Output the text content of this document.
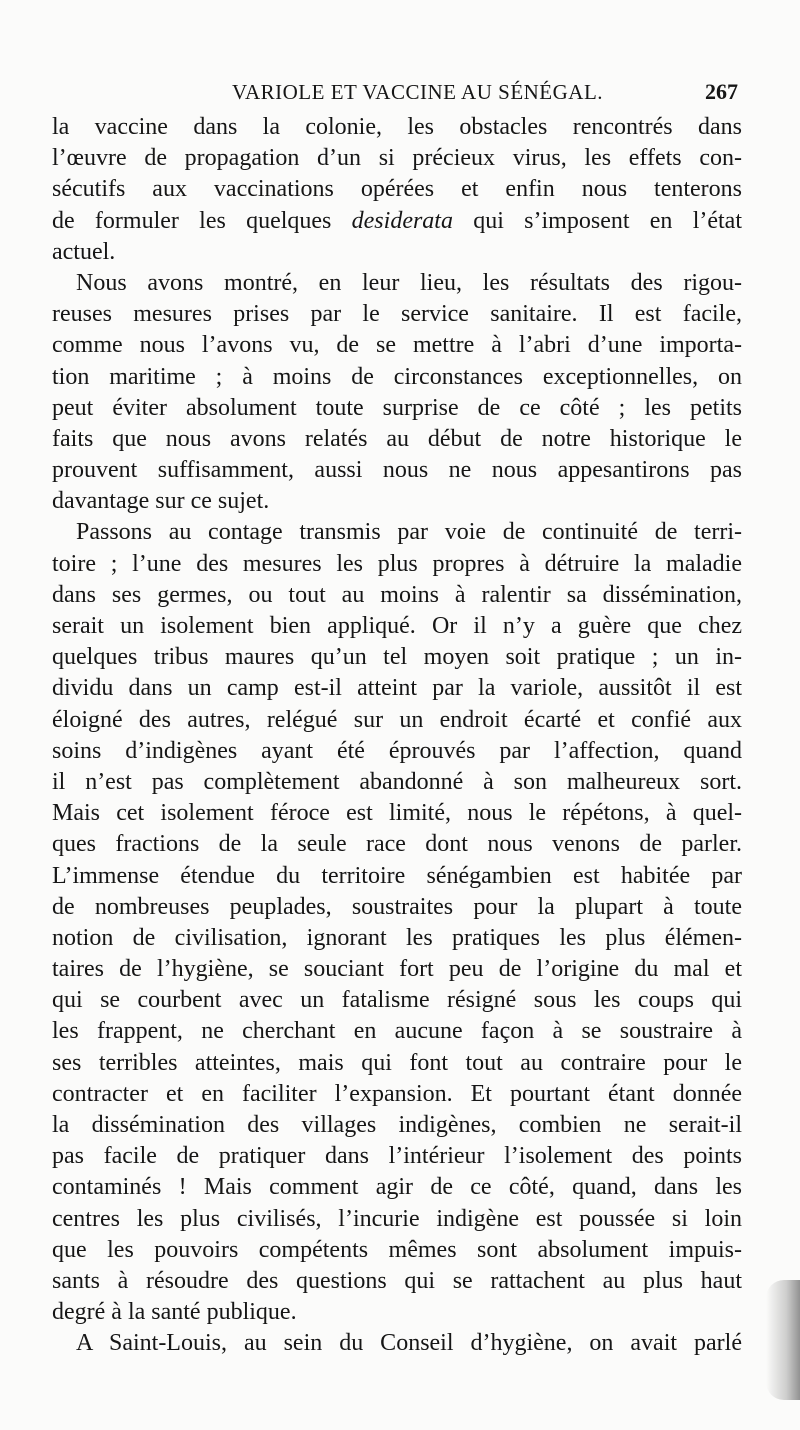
VARIOLE ET VACCINE AU SÉNÉGAL.	267
la vaccine dans la colonie, les obstacles rencontrés dans
l’œuvre de propagation d’un si précieux virus, les effets con-
sécutifs aux vaccinations opérées et enfin nous tenterons
de formuler les quelques desiderata qui s’imposent en l’état
actuel.
Nous avons montré, en leur lieu, les résultats des rigou-
reuses mesures prises par le service sanitaire. Il est facile,
comme nous l’avons vu, de se mettre à l’abri d’une importa-
tion maritime ; à moins de circonstances exceptionnelles, on
peut éviter absolument toute surprise de ce côté ; les petits
faits que nous avons relatés au début de notre historique le
prouvent suffisamment, aussi nous ne nous appesantirons pas
davantage sur ce sujet.
Passons au contage transmis par voie de continuité de terri-
toire ; l’une des mesures les plus propres à détruire la maladie
dans ses germes, ou tout au moins à ralentir sa dissémination,
serait un isolement bien appliqué. Or il n’y a guère que chez
quelques tribus maures qu’un tel moyen soit pratique ; un in-
dividu dans un camp est-il atteint par la variole, aussitôt il est
éloigné des autres, relégué sur un endroit écarté et confié aux
soins d’indigènes ayant été éprouvés par l’affection, quand
il n’est pas complètement abandonné à son malheureux sort.
Mais cet isolement féroce est limité, nous le répétons, à quel-
ques fractions de la seule race dont nous venons de parler.
L’immense étendue du territoire sénégambien est habitée par
de nombreuses peuplades, soustraites pour la plupart à toute
notion de civilisation, ignorant les pratiques les plus élémen-
taires de l’hygiène, se souciant fort peu de l’origine du mal et
qui se courbent avec un fatalisme résigné sous les coups qui
les frappent, ne cherchant en aucune façon à se soustraire à
ses terribles atteintes, mais qui font tout au contraire pour le
contracter et en faciliter l’expansion. Et pourtant étant donnée
la dissémination des villages indigènes, combien ne serait-il
pas facile de pratiquer dans l’intérieur l’isolement des points
contaminés ! Mais comment agir de ce côté, quand, dans les
centres les plus civilisés, l’incurie indigène est poussée si loin
que les pouvoirs compétents mêmes sont absolument impuis-
sants à résoudre des questions qui se rattachent au plus haut
degré à la santé publique.
A Saint-Louis, au sein du Conseil d’hygiène, on avait parlé
